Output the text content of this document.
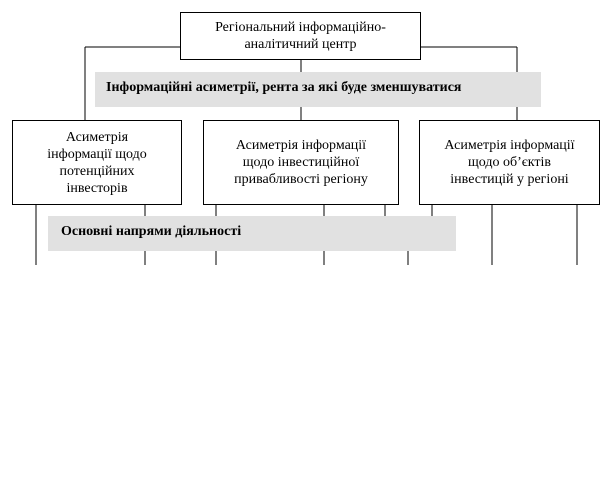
Інформаційні асиметрії, рента за які буде зменшуватися
Основні напрями діяльності
Регіональний інформаційно-
аналітичний центр
Асиметрія
інформації щодо
потенційних
інвесторів
Асиметрія інформації
щодо інвестиційної
привабливості регіону
Асиметрія інформації
щодо об’єктів
інвестицій у регіоні
